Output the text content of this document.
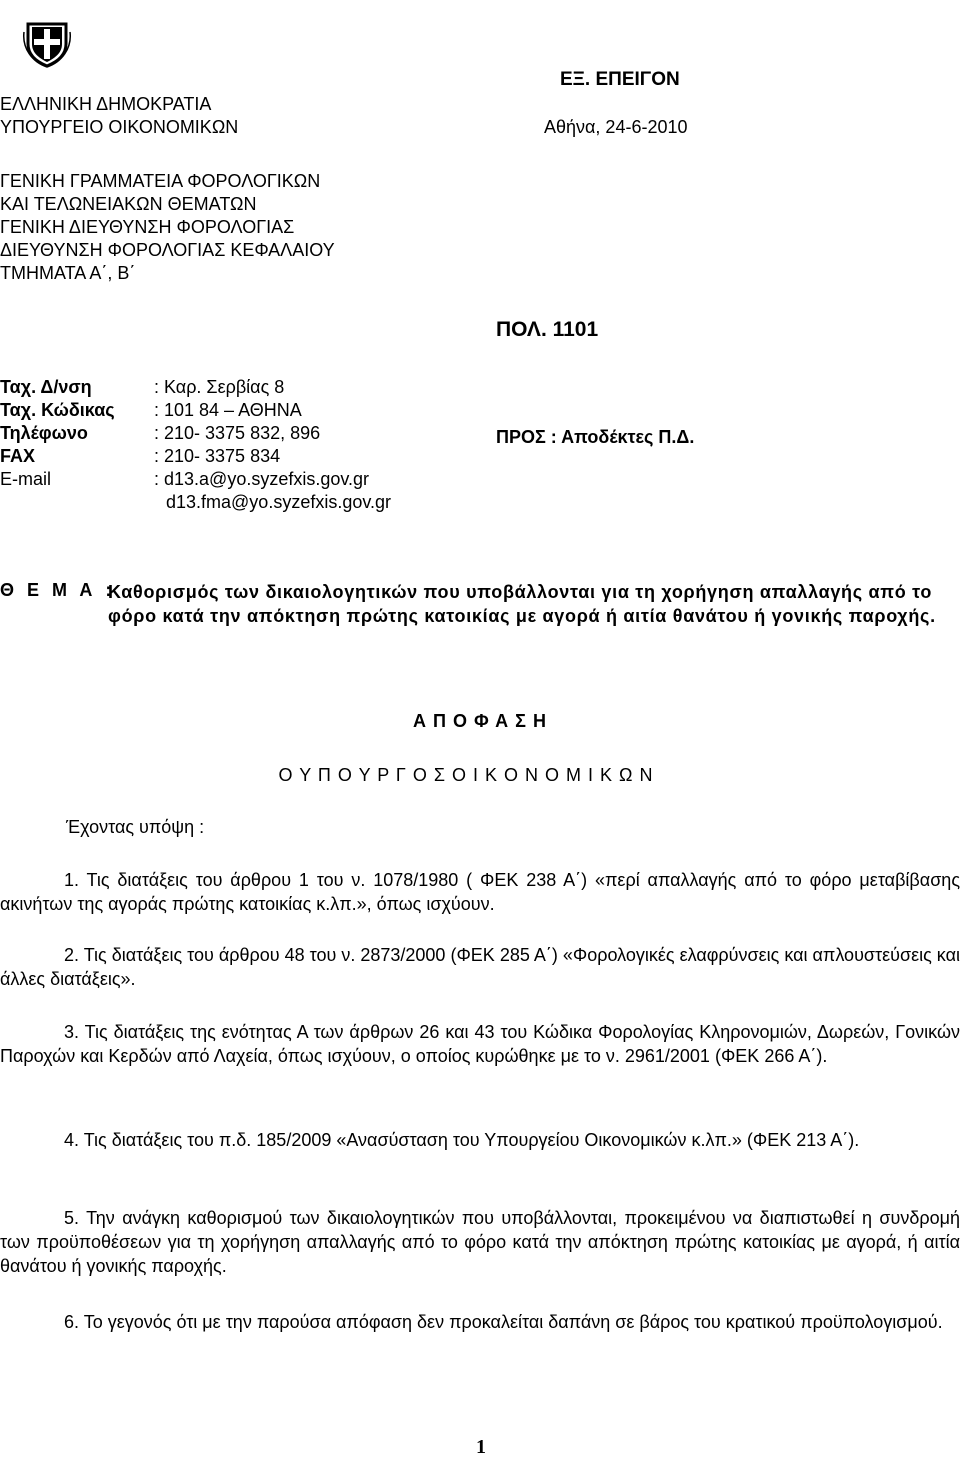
ΕΞ. ΕΠΕΙΓΟΝ
ΕΛΛΗΝΙΚΗ ΔΗΜΟΚΡΑΤΙΑ
ΥΠΟΥΡΓΕΙΟ ΟΙΚΟΝΟΜΙΚΩΝ	Αθήνα, 24-6-2010
ΓΕΝΙΚΗ ΓΡΑΜΜΑΤΕΙΑ ΦΟΡΟΛΟΓΙΚΩΝ
ΚΑΙ ΤΕΛΩΝΕΙΑΚΩΝ ΘΕΜΑΤΩΝ
ΓΕΝΙΚΗ ΔΙΕΥΘΥΝΣΗ ΦΟΡΟΛΟΓΙΑΣ
ΔΙΕΥΘΥΝΣΗ ΦΟΡΟΛΟΓΙΑΣ ΚΕΦΑΛΑΙΟΥ
ΤΜΗΜΑΤΑ Α΄, Β΄
ΠΟΛ. 1101
Ταχ. Δ/νση	: Καρ. Σερβίας 8
Ταχ. Κώδικας : 101 84 – ΑΘΗΝΑ
Τηλέφωνο	: 210- 3375 832, 896
FAX	: 210- 3375 834
E-mail	: d13.a@yo.syzefxis.gov.gr
d13.fma@yo.syzefxis.gov.gr
ΠΡΟΣ : Αποδέκτες Π.Δ.
Θ Ε Μ Α :
Καθορισμός των δικαιολογητικών που υποβάλλονται για τη χορήγηση απαλλαγής από το φόρο κατά την απόκτηση πρώτης κατοικίας με αγορά ή αιτία θανάτου ή γονικής παροχής.
Α Π Ο Φ Α Σ Η
Ο Υ Π Ο Υ Ρ Γ Ο Σ Ο Ι Κ Ο Ν Ο Μ Ι Κ Ω Ν
Έχοντας υπόψη :
1. Τις διατάξεις του άρθρου 1 του ν. 1078/1980 ( ΦΕΚ 238 Α΄) «περί απαλλαγής από το φόρο μεταβίβασης ακινήτων της αγοράς πρώτης κατοικίας κ.λπ.», όπως ισχύουν.
2. Τις διατάξεις του άρθρου 48 του ν. 2873/2000 (ΦΕΚ 285 Α΄) «Φορολογικές ελαφρύνσεις και απλουστεύσεις και άλλες διατάξεις».
3. Τις διατάξεις της ενότητας Α των άρθρων 26 και 43 του Κώδικα Φορολογίας Κληρονομιών, Δωρεών, Γονικών Παροχών και Κερδών από Λαχεία, όπως ισχύουν, ο οποίος κυρώθηκε με το ν. 2961/2001 (ΦΕΚ 266 Α΄).
4. Τις διατάξεις του π.δ. 185/2009 «Ανασύσταση του Υπουργείου Οικονομικών κ.λπ.» (ΦΕΚ 213 Α΄).
5. Την ανάγκη καθορισμού των δικαιολογητικών που υποβάλλονται, προκειμένου να διαπιστωθεί η συνδρομή των προϋποθέσεων για τη χορήγηση απαλλαγής από το φόρο κατά την απόκτηση πρώτης κατοικίας με αγορά, ή αιτία θανάτου ή γονικής παροχής.
6. Το γεγονός ότι με την παρούσα απόφαση δεν προκαλείται δαπάνη σε βάρος του κρατικού προϋπολογισμού.
1
